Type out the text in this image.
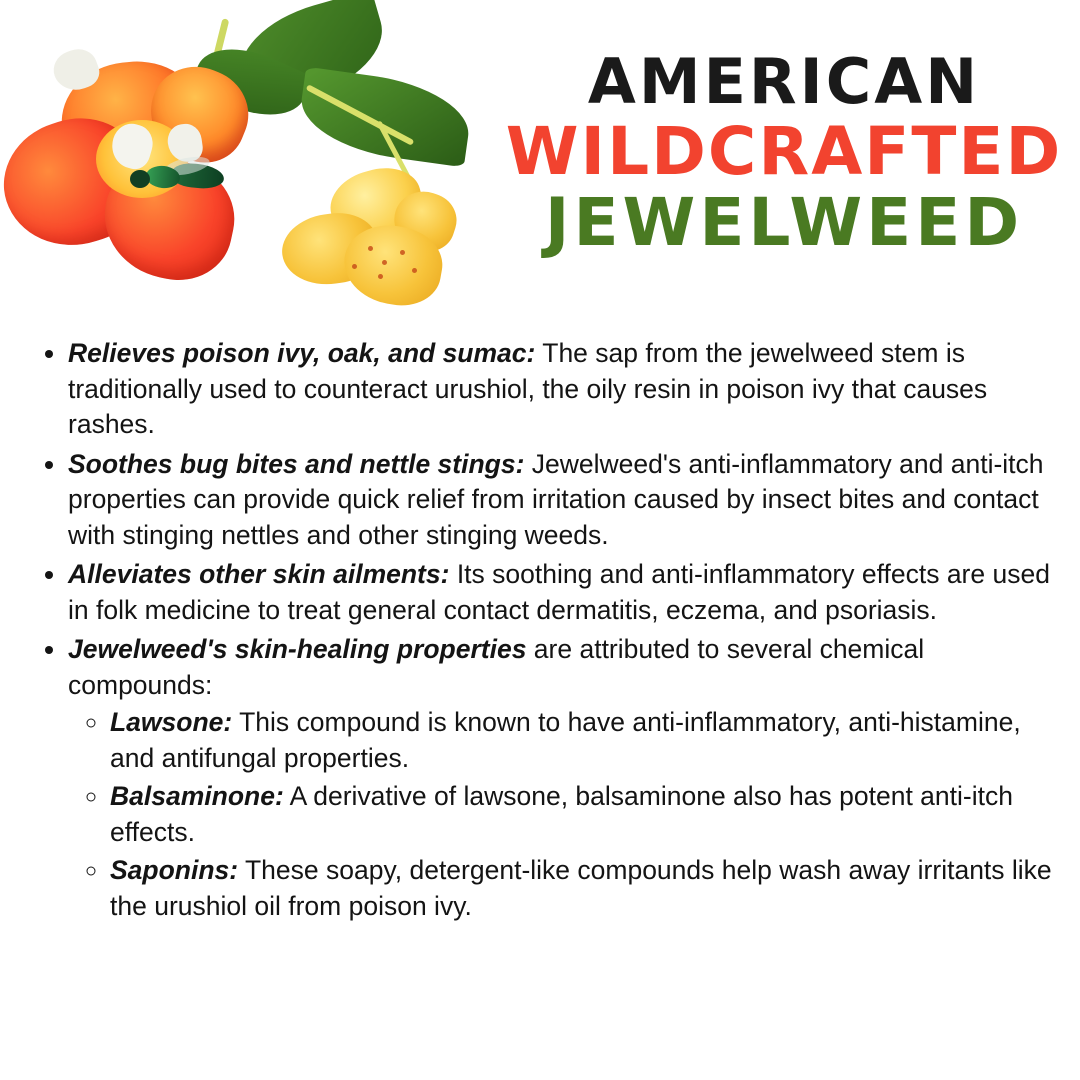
AMERICAN
WILDCRAFTED
JEWELWEED
• Relieves poison ivy, oak, and sumac: The sap from the jewelweed stem is traditionally used to counteract urushiol, the oily resin in poison ivy that causes rashes.
• Soothes bug bites and nettle stings: Jewelweed's anti-inflammatory and anti-itch properties can provide quick relief from irritation caused by insect bites and contact with stinging nettles and other stinging weeds.
• Alleviates other skin ailments: Its soothing and anti-inflammatory effects are used in folk medicine to treat general contact dermatitis, eczema, and psoriasis.
• Jewelweed's skin-healing properties are attributed to several chemical compounds:
◦ Lawsone: This compound is known to have anti-inflammatory, anti-histamine, and antifungal properties.
◦ Balsaminone: A derivative of lawsone, balsaminone also has potent anti-itch effects.
◦ Saponins: These soapy, detergent-like compounds help wash away irritants like the urushiol oil from poison ivy.
